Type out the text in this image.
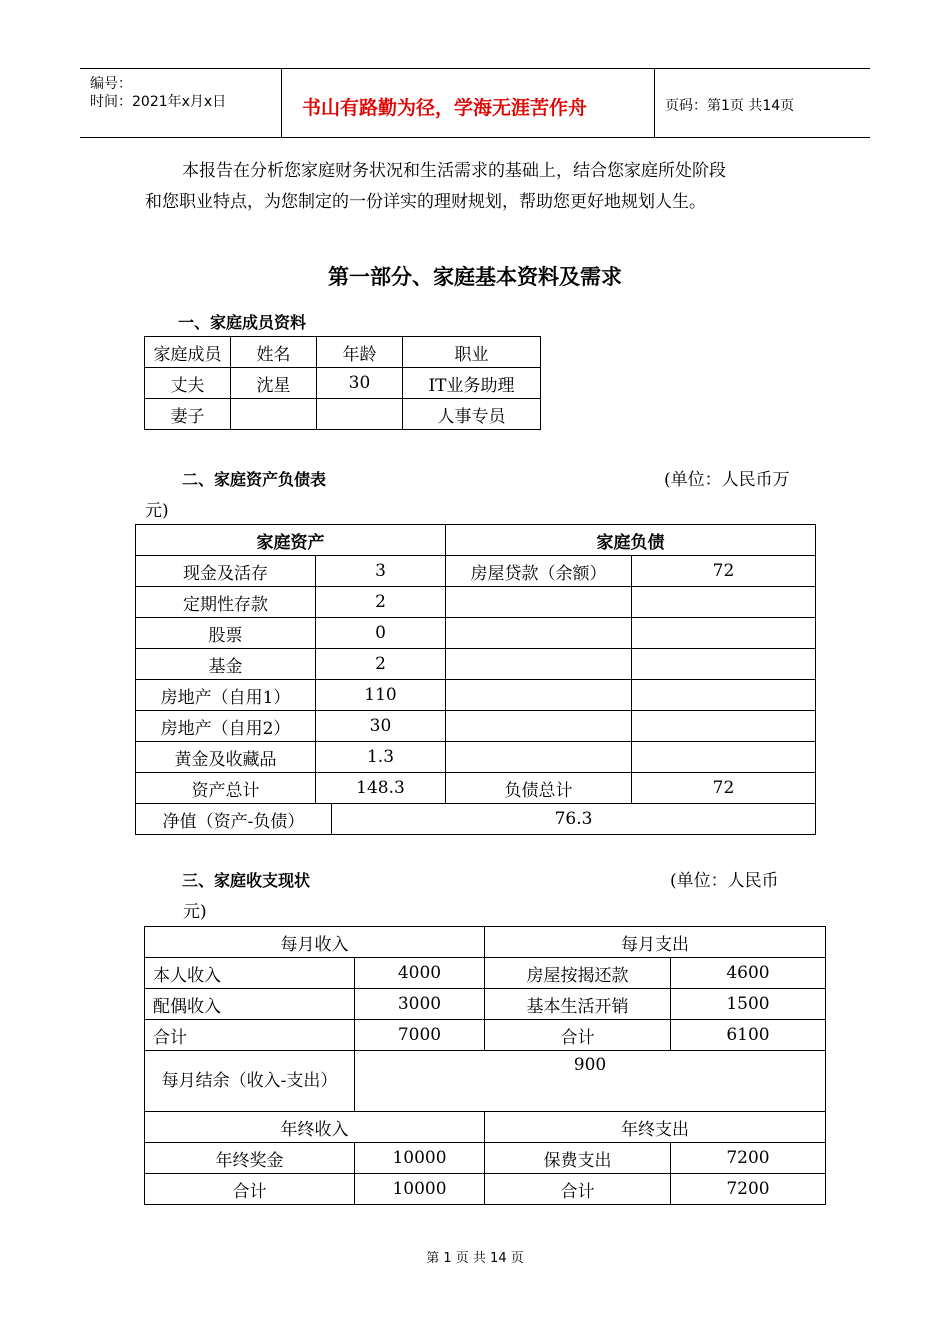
编号：
时间：2021年x月x日	书山有路勤为径，学海无涯苦作舟	页码：第1页 共14页
本报告在分析您家庭财务状况和生活需求的基础上，结合您家庭所处阶段
和您职业特点，为您制定的一份详实的理财规划，帮助您更好地规划人生。
第一部分、家庭基本资料及需求
一、家庭成员资料
家庭成员	姓名	年龄	职业
丈夫	沈星	30	IT业务助理
妻子			人事专员
二、家庭资产负债表	(单位：人民币万
元)
家庭资产		家庭负债	
现金及活存	3	房屋贷款（余额）	72
定期性存款	2		
股票	0		
基金	2		
房地产（自用1）	110		
房地产（自用2）	30		
黄金及收藏品	1.3		
资产总计	148.3	负债总计	72
净值（资产-负债）	76.3
三、家庭收支现状	(单位：人民币
元)
每月收入		每月支出	
本人收入	4000	房屋按揭还款	4600
配偶收入	3000	基本生活开销	1500
合计	7000	合计	6100
每月结余（收入-支出）	900		
年终收入		年终支出	
年终奖金	10000	保费支出	7200
合计	10000	合计	7200
第 1 页 共 14 页
